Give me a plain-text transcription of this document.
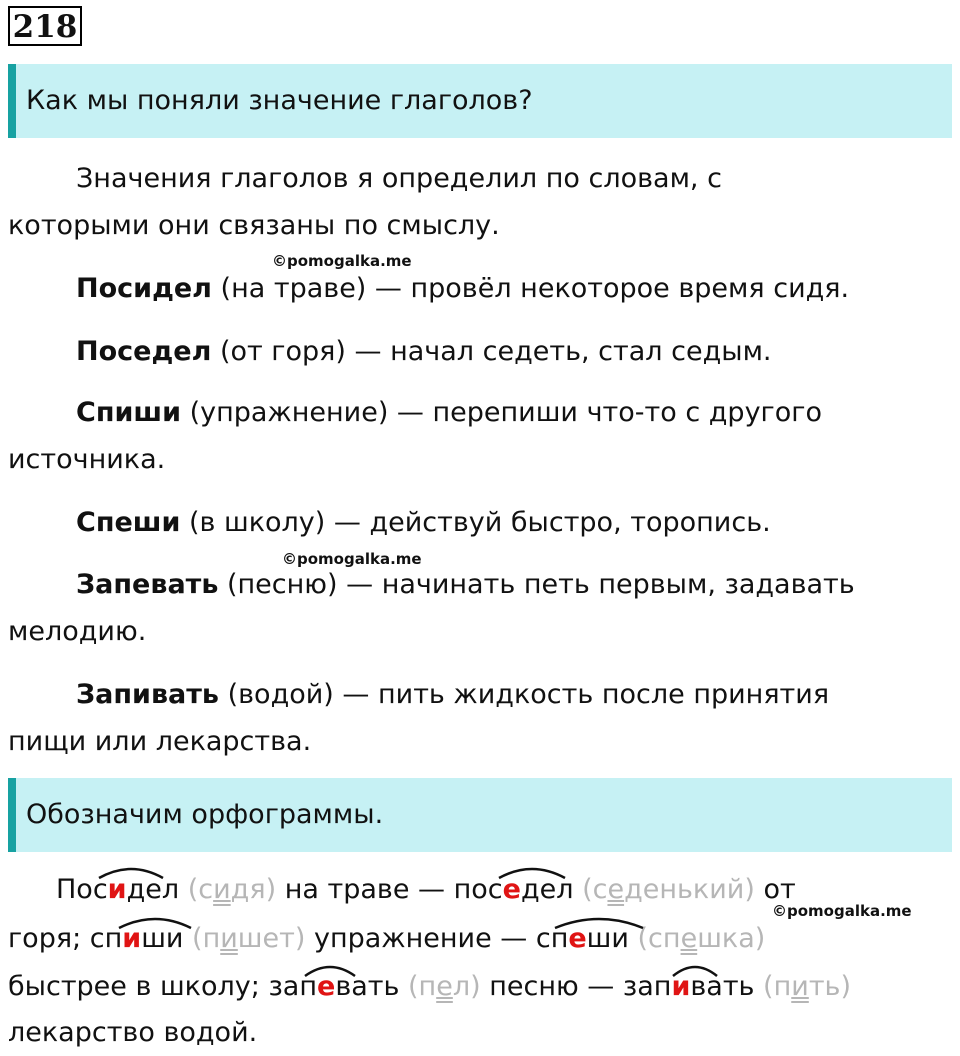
218
Как мы поняли значение глаголов?
Значения глаголов я определил по словам, с
которыми они связаны по смыслу.
©pomogalka.me
Посидел (на траве) — провёл некоторое время сидя.
Поседел (от горя) — начал седеть, стал седым.
Спиши (упражнение) — перепиши что-то с другого
источника.
Спеши (в школу) — действуй быстро, торопись.
©pomogalka.me
Запевать (песню) — начинать петь первым, задавать
мелодию.
Запивать (водой) — пить жидкость после принятия
пищи или лекарства.
Обозначим орфограммы.
Посидел (сидя) на траве — поседел (седенький) от
©pomogalka.me
горя; спиши (пишет) упражнение — спеши (спешка)
быстрее в школу; запевать (пел) песню — запивать (пить)
лекарство водой.
